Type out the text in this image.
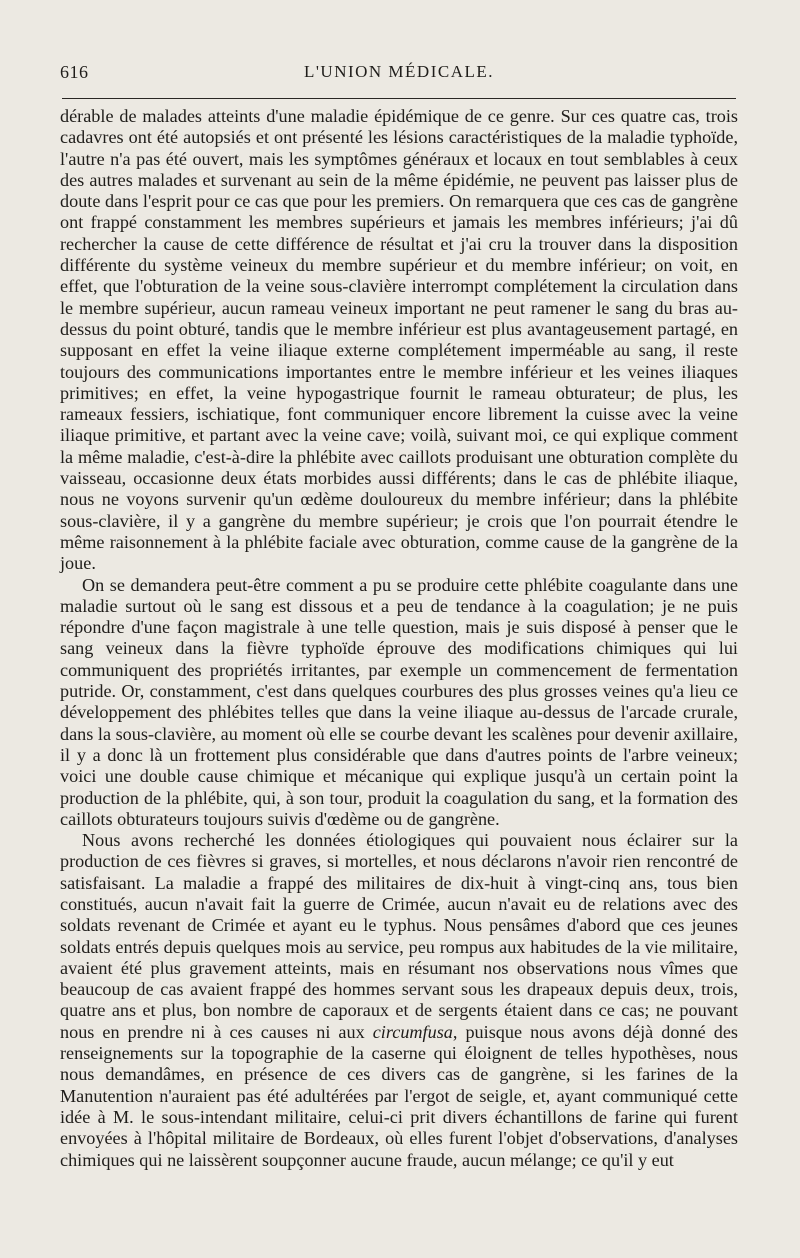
616	L'UNION MÉDICALE.

dérable de malades atteints d'une maladie épidémique de ce genre. Sur ces quatre cas, trois cadavres ont été autopsiés et ont présenté les lésions caractéristiques de la maladie typhoïde, l'autre n'a pas été ouvert, mais les symptômes généraux et locaux en tout semblables à ceux des autres malades et survenant au sein de la même épidémie, ne peuvent pas laisser plus de doute dans l'esprit pour ce cas que pour les premiers. On remarquera que ces cas de gangrène ont frappé constamment les membres supérieurs et jamais les membres inférieurs; j'ai dû rechercher la cause de cette différence de résultat et j'ai cru la trouver dans la disposition différente du système veineux du membre supérieur et du membre inférieur; on voit, en effet, que l'obturation de la veine sous-clavière interrompt complétement la circulation dans le membre supérieur, aucun rameau veineux important ne peut ramener le sang du bras au-dessus du point obturé, tandis que le membre inférieur est plus avantageusement partagé, en supposant en effet la veine iliaque externe complétement imperméable au sang, il reste toujours des communications importantes entre le membre inférieur et les veines iliaques primitives; en effet, la veine hypogastrique fournit le rameau obturateur; de plus, les rameaux fessiers, ischiatique, font communiquer encore librement la cuisse avec la veine iliaque primitive, et partant avec la veine cave; voilà, suivant moi, ce qui explique comment la même maladie, c'est-à-dire la phlébite avec caillots produisant une obturation complète du vaisseau, occasionne deux états morbides aussi différents; dans le cas de phlébite iliaque, nous ne voyons survenir qu'un œdème douloureux du membre inférieur; dans la phlébite sous-clavière, il y a gangrène du membre supérieur; je crois que l'on pourrait étendre le même raisonnement à la phlébite faciale avec obturation, comme cause de la gangrène de la joue.

On se demandera peut-être comment a pu se produire cette phlébite coagulante dans une maladie surtout où le sang est dissous et a peu de tendance à la coagulation; je ne puis répondre d'une façon magistrale à une telle question, mais je suis disposé à penser que le sang veineux dans la fièvre typhoïde éprouve des modifications chimiques qui lui communiquent des propriétés irritantes, par exemple un commencement de fermentation putride. Or, constamment, c'est dans quelques courbures des plus grosses veines qu'a lieu ce développement des phlébites telles que dans la veine iliaque au-dessus de l'arcade crurale, dans la sous-clavière, au moment où elle se courbe devant les scalènes pour devenir axillaire, il y a donc là un frottement plus considérable que dans d'autres points de l'arbre veineux; voici une double cause chimique et mécanique qui explique jusqu'à un certain point la production de la phlébite, qui, à son tour, produit la coagulation du sang, et la formation des caillots obturateurs toujours suivis d'œdème ou de gangrène.

Nous avons recherché les données étiologiques qui pouvaient nous éclairer sur la production de ces fièvres si graves, si mortelles, et nous déclarons n'avoir rien rencontré de satisfaisant. La maladie a frappé des militaires de dix-huit à vingt-cinq ans, tous bien constitués, aucun n'avait fait la guerre de Crimée, aucun n'avait eu de relations avec des soldats revenant de Crimée et ayant eu le typhus. Nous pensâmes d'abord que ces jeunes soldats entrés depuis quelques mois au service, peu rompus aux habitudes de la vie militaire, avaient été plus gravement atteints, mais en résumant nos observations nous vîmes que beaucoup de cas avaient frappé des hommes servant sous les drapeaux depuis deux, trois, quatre ans et plus, bon nombre de caporaux et de sergents étaient dans ce cas; ne pouvant nous en prendre ni à ces causes ni aux circumfusa, puisque nous avons déjà donné des renseignements sur la topographie de la caserne qui éloignent de telles hypothèses, nous nous demandâmes, en présence de ces divers cas de gangrène, si les farines de la Manutention n'auraient pas été adultérées par l'ergot de seigle, et, ayant communiqué cette idée à M. le sous-intendant militaire, celui-ci prit divers échantillons de farine qui furent envoyées à l'hôpital militaire de Bordeaux, où elles furent l'objet d'observations, d'analyses chimiques qui ne laissèrent soupçonner aucune fraude, aucun mélange; ce qu'il y eut
